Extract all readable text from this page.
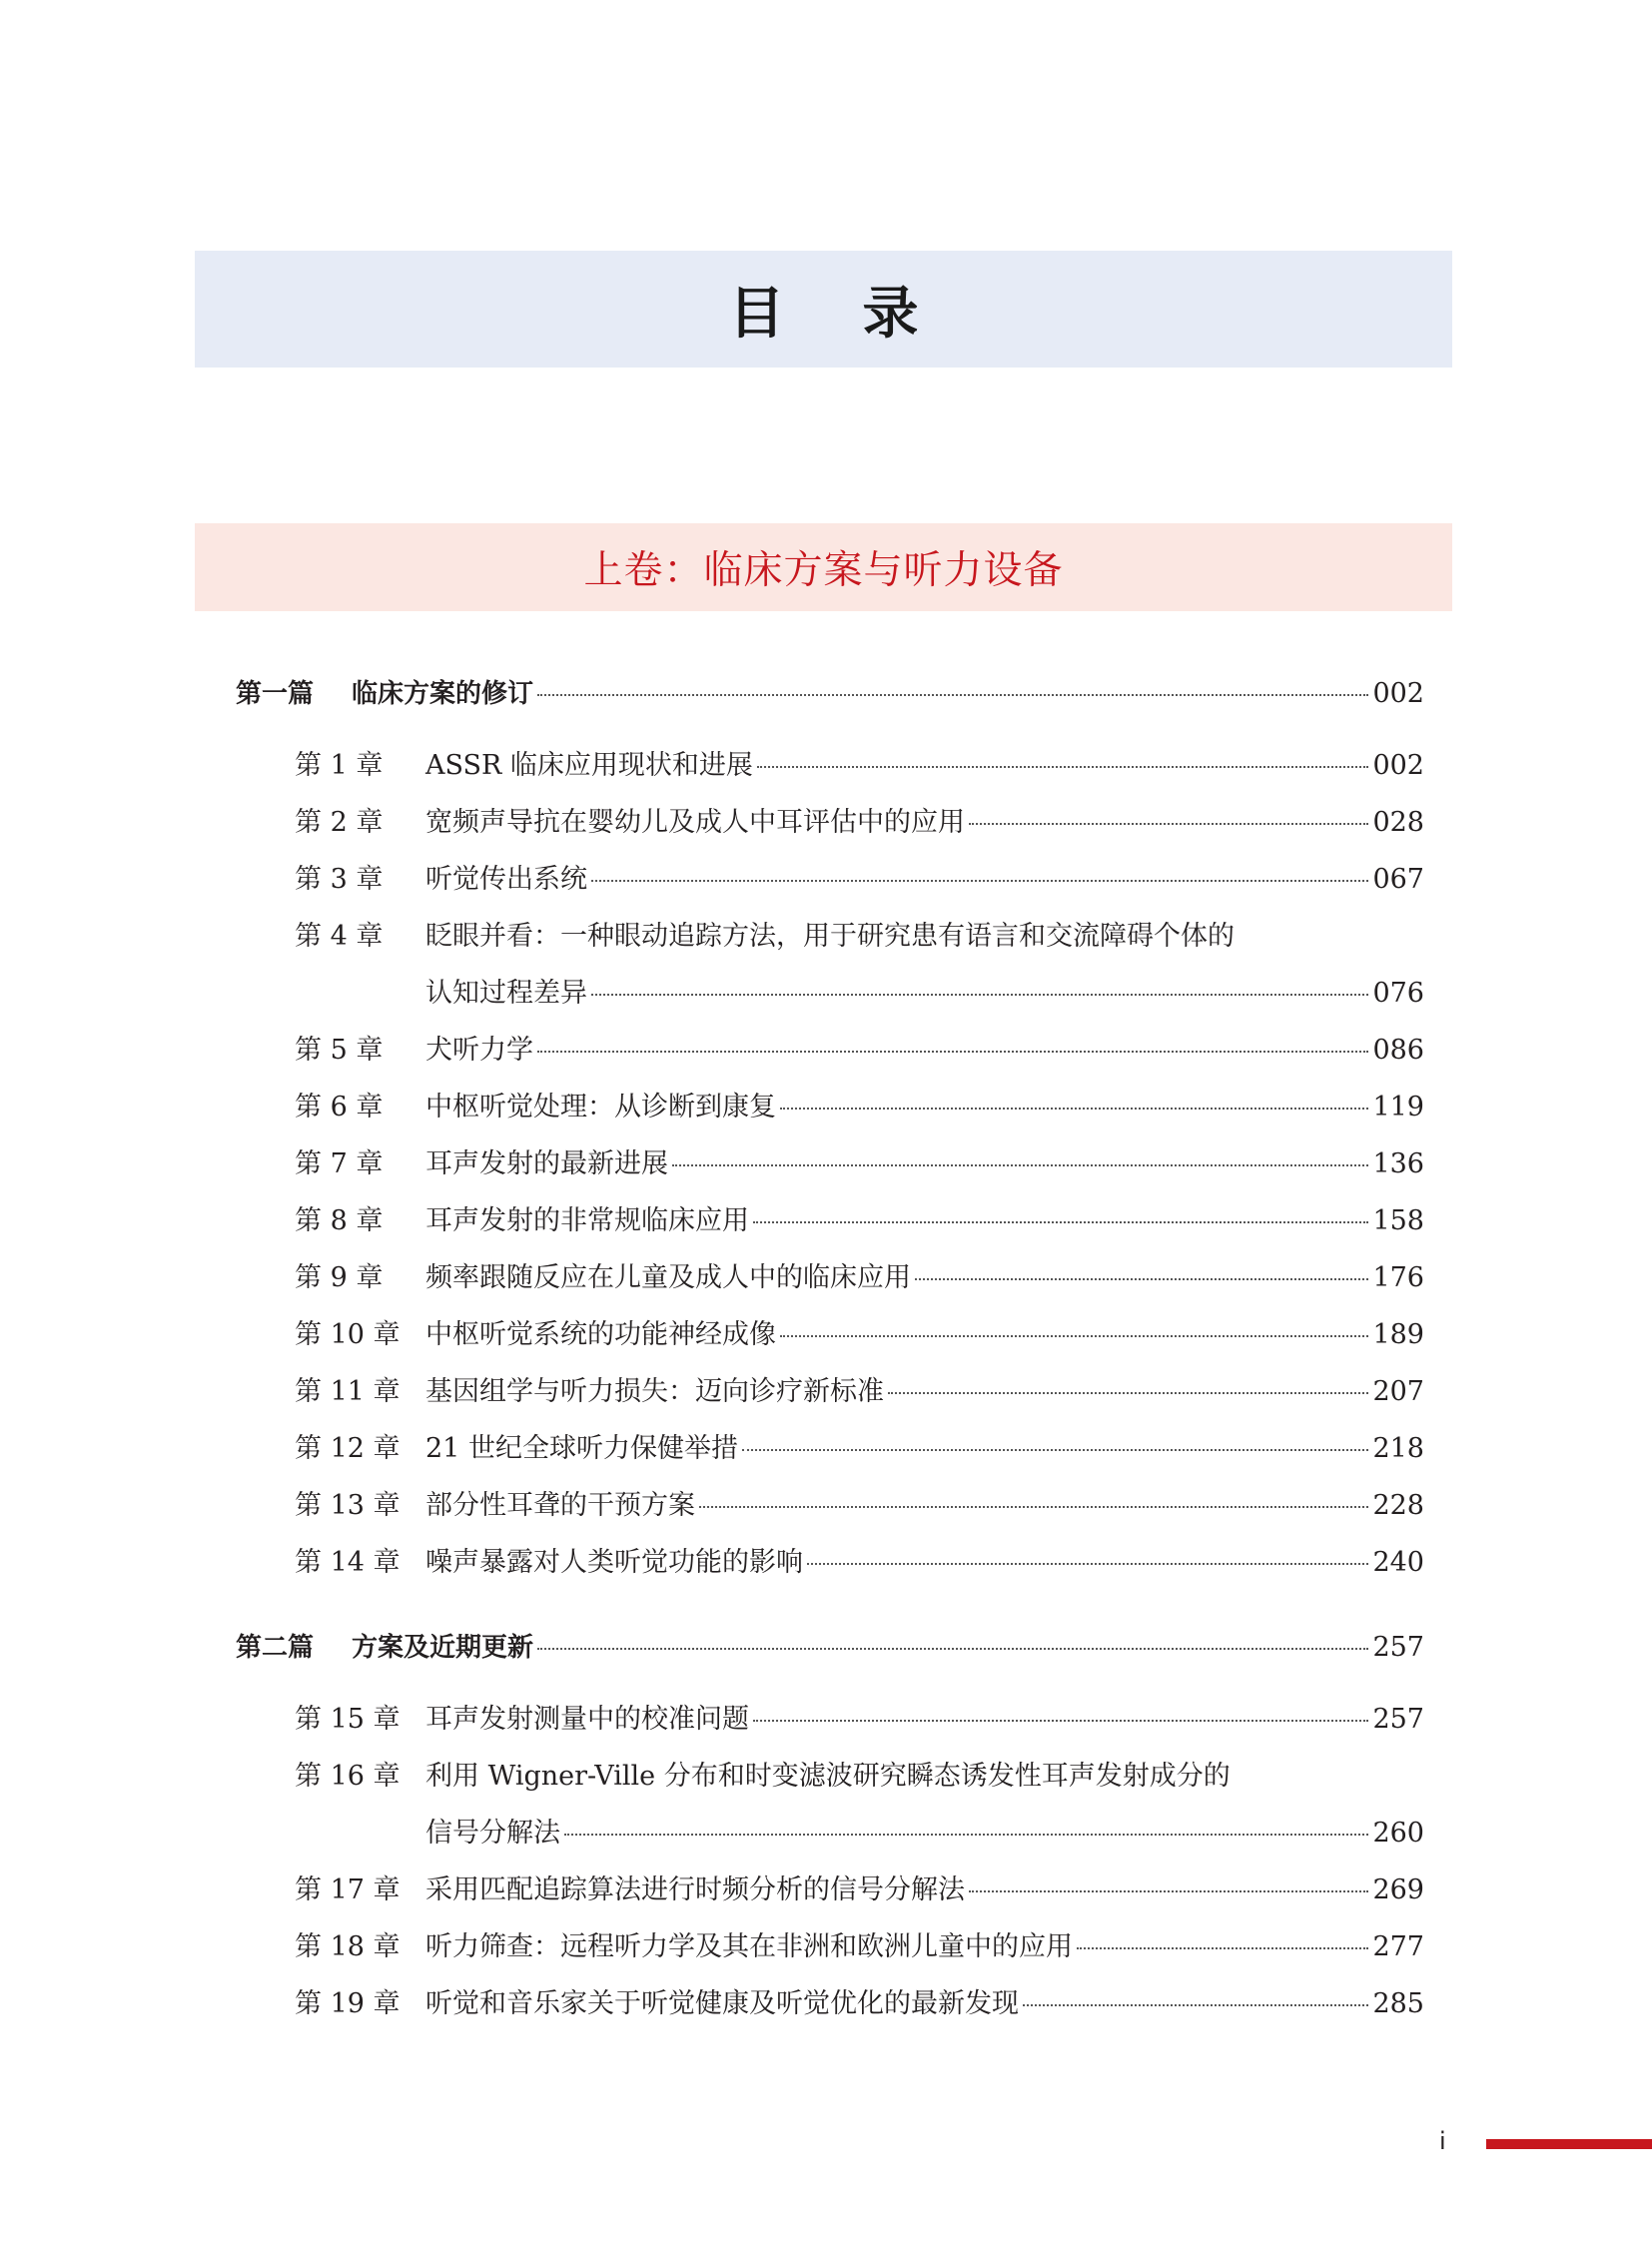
目    录
上卷：临床方案与听力设备
第一篇	临床方案的修订	002
第 1 章	ASSR 临床应用现状和进展	002
第 2 章	宽频声导抗在婴幼儿及成人中耳评估中的应用	028
第 3 章	听觉传出系统	067
第 4 章	眨眼并看：一种眼动追踪方法，用于研究患有语言和交流障碍个体的
认知过程差异	076
第 5 章	犬听力学	086
第 6 章	中枢听觉处理：从诊断到康复	119
第 7 章	耳声发射的最新进展	136
第 8 章	耳声发射的非常规临床应用	158
第 9 章	频率跟随反应在儿童及成人中的临床应用	176
第 10 章 中枢听觉系统的功能神经成像	189
第 11 章 基因组学与听力损失：迈向诊疗新标准	207
第 12 章 21 世纪全球听力保健举措	218
第 13 章 部分性耳聋的干预方案	228
第 14 章 噪声暴露对人类听觉功能的影响	240
第二篇	方案及近期更新	257
第 15 章 耳声发射测量中的校准问题	257
第 16 章 利用 Wigner-Ville 分布和时变滤波研究瞬态诱发性耳声发射成分的
信号分解法	260
第 17 章 采用匹配追踪算法进行时频分析的信号分解法	269
第 18 章 听力筛查：远程听力学及其在非洲和欧洲儿童中的应用	277
第 19 章 听觉和音乐家关于听觉健康及听觉优化的最新发现	285
i
